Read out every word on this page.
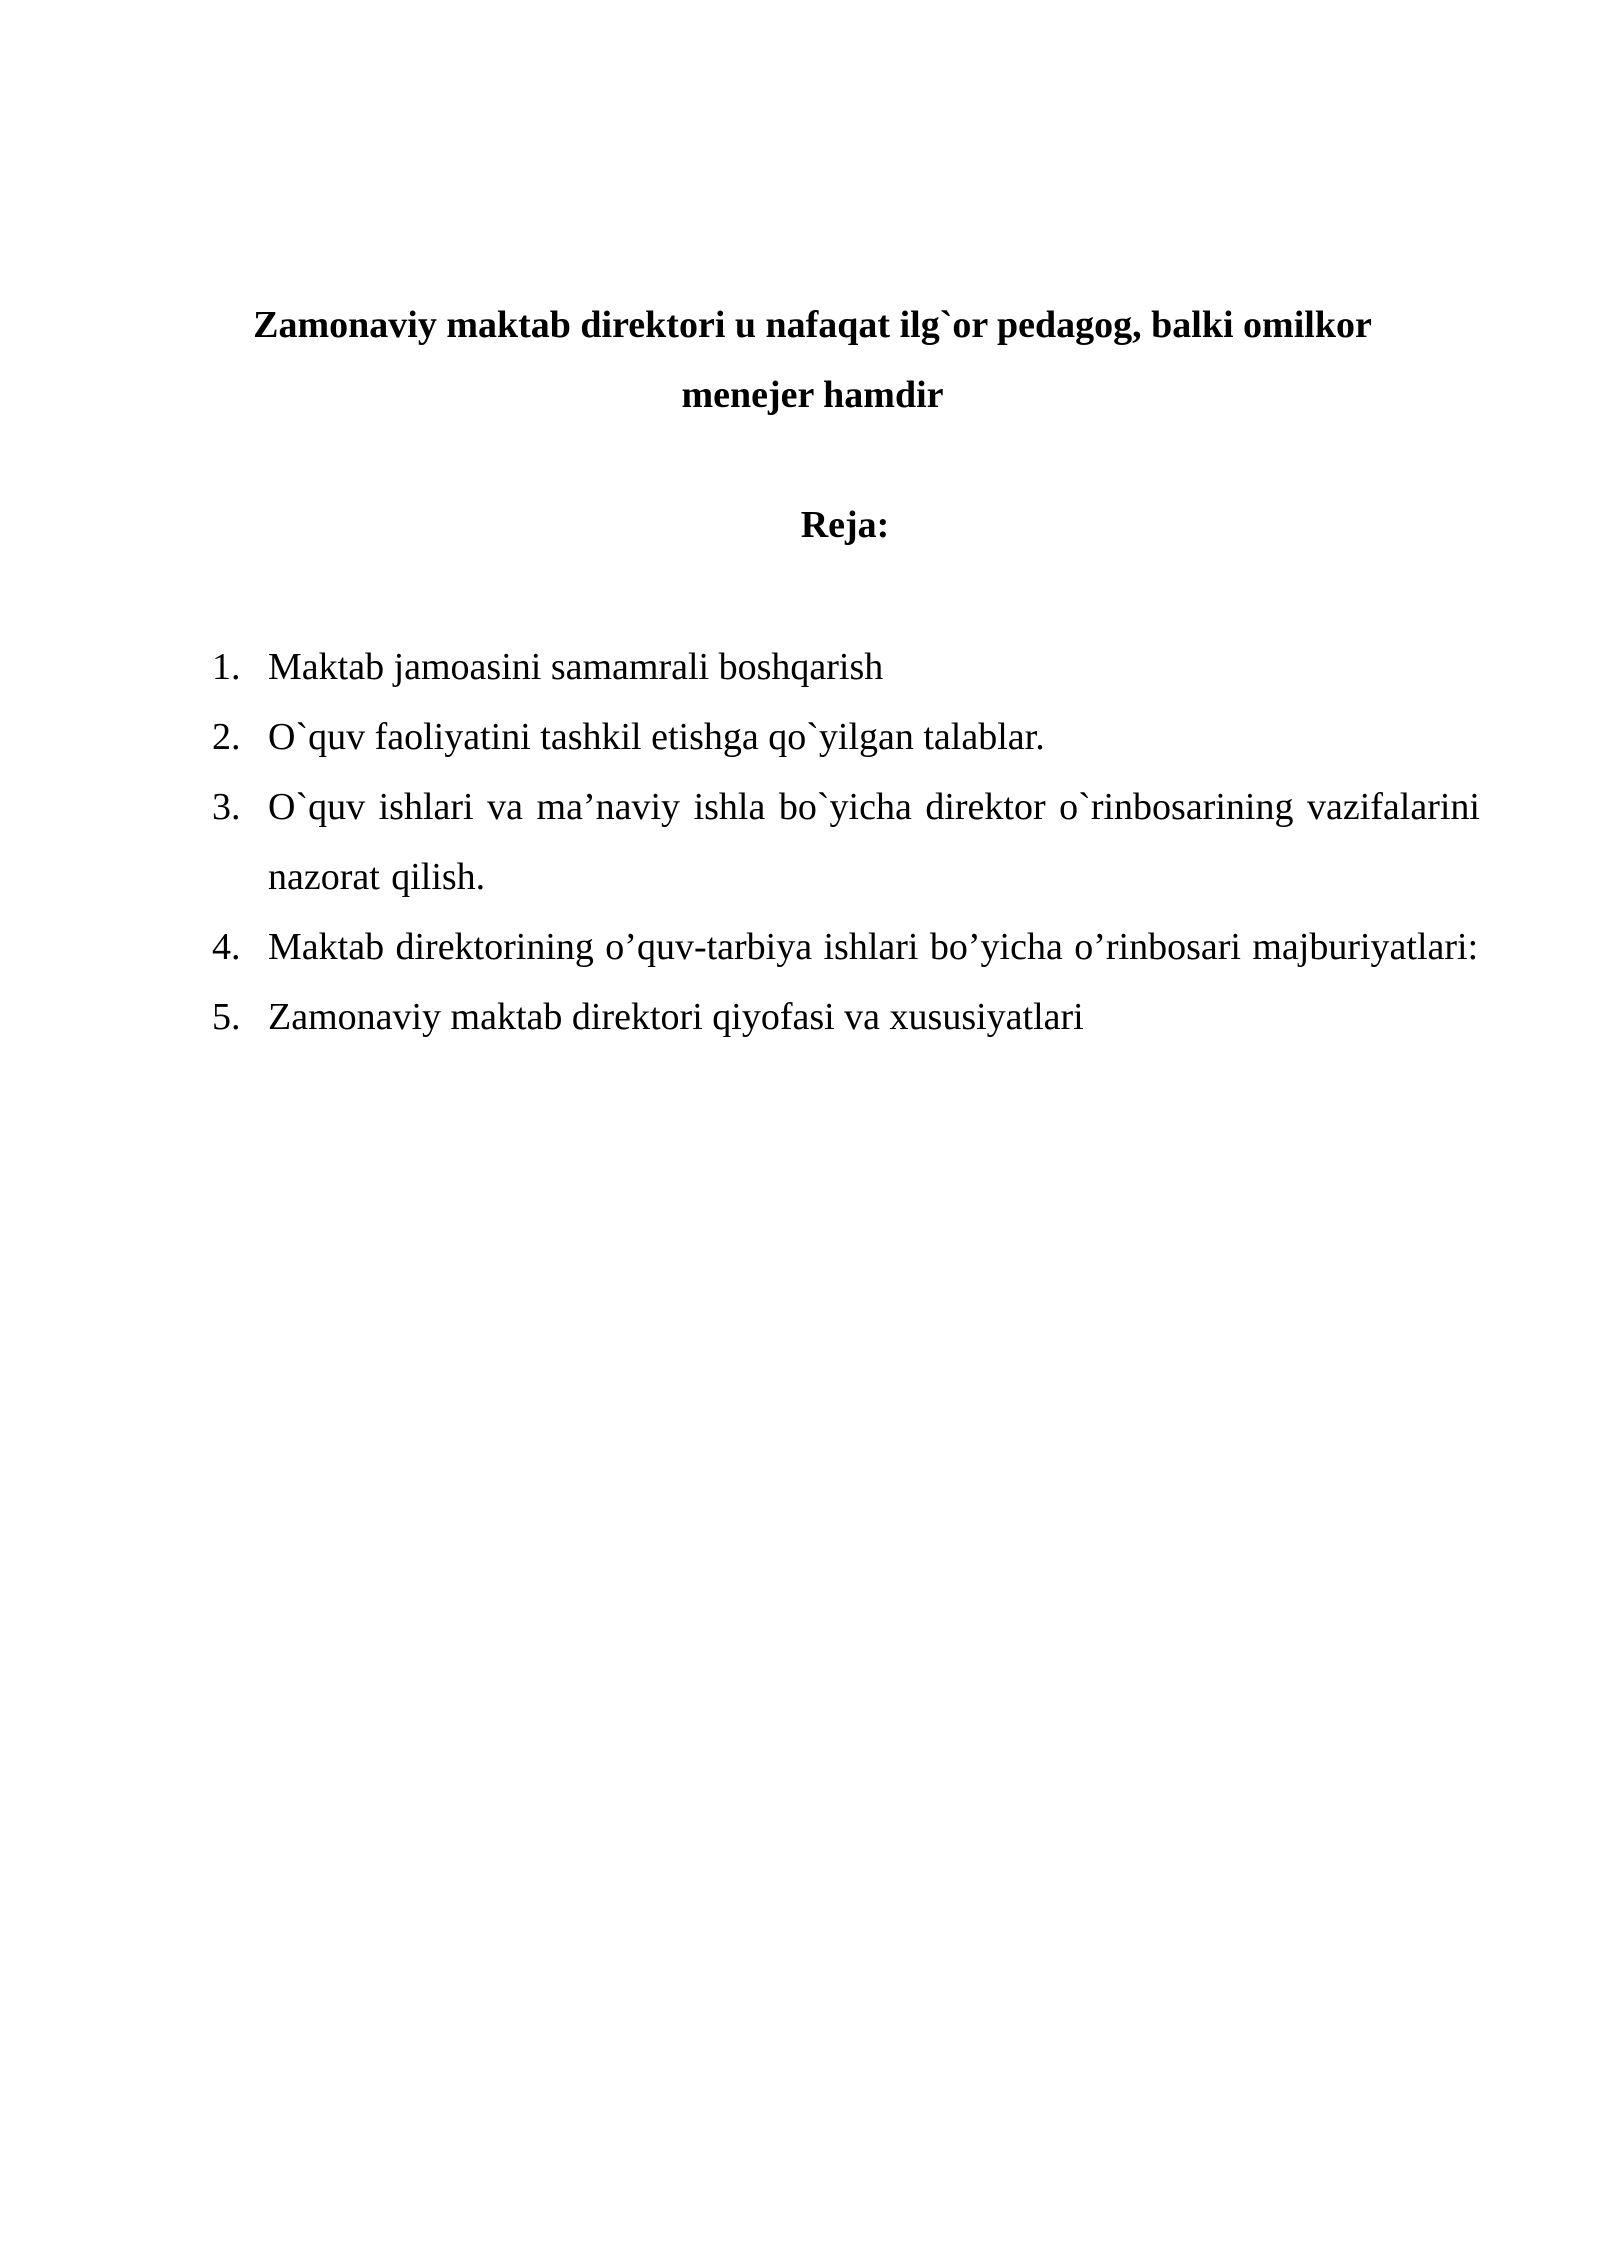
Zamonaviy maktab direktori u nafaqat ilg`or pedagog, balki omilkor menejer hamdir
Reja:
1. Maktab jamoasini samamrali boshqarish
2. O`quv faoliyatini tashkil etishga qo`yilgan talablar.
3. O`quv ishlari va ma’naviy ishla bo`yicha direktor o`rinbosarining vazifalarini nazorat qilish.
4. Maktab direktorining o’quv-tarbiya ishlari bo’yicha o’rinbosari majburiyatlari:
5. Zamonaviy maktab direktori qiyofasi va xususiyatlari
